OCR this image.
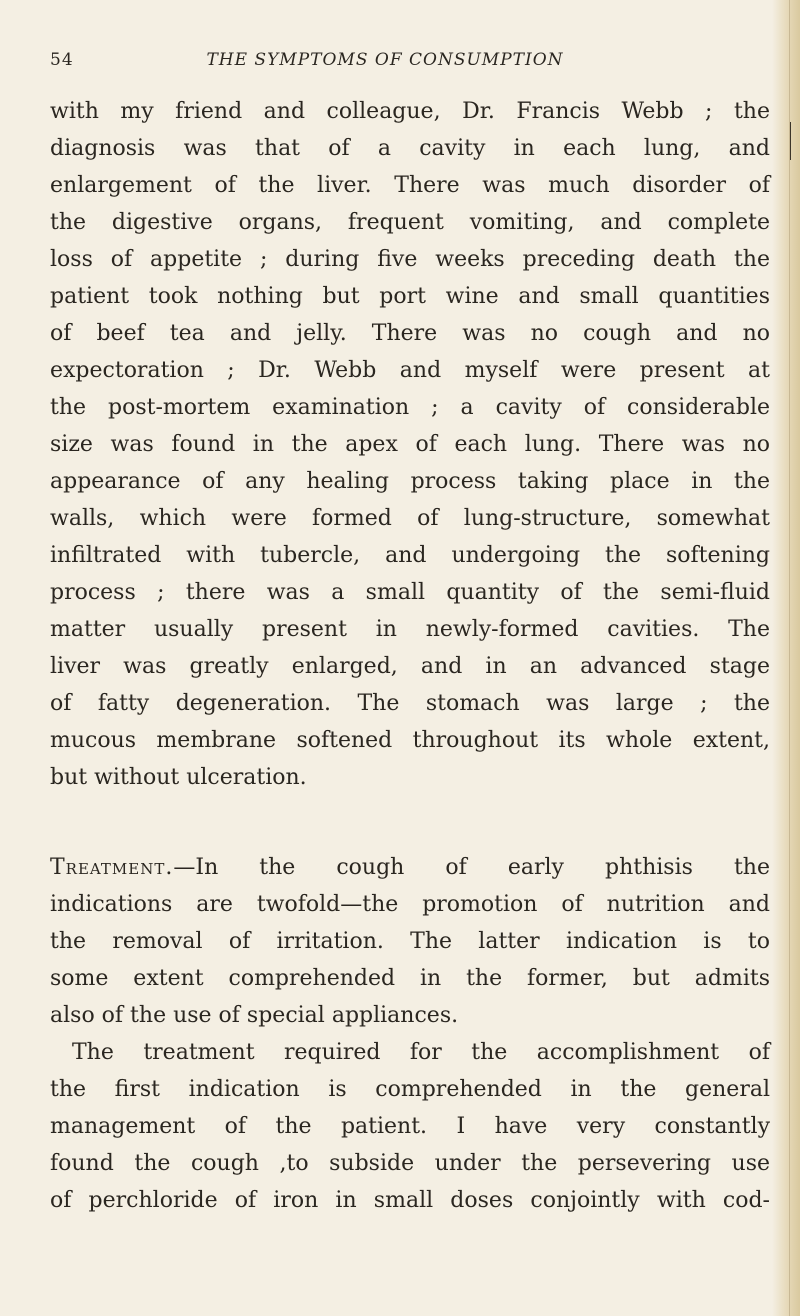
54	THE SYMPTOMS OF CONSUMPTION
with my friend and colleague, Dr. Francis Webb ; the
diagnosis was that of a cavity in each lung, and
enlargement of the liver. There was much disorder of
the digestive organs, frequent vomiting, and complete
loss of appetite ; during five weeks preceding death the
patient took nothing but port wine and small quantities
of beef tea and jelly. There was no cough and no
expectoration ; Dr. Webb and myself were present at
the post-mortem examination ; a cavity of considerable
size was found in the apex of each lung. There was no
appearance of any healing process taking place in the
walls, which were formed of lung-structure, somewhat
infiltrated with tubercle, and undergoing the softening
process ; there was a small quantity of the semi-fluid
matter usually present in newly-formed cavities. The
liver was greatly enlarged, and in an advanced stage
of fatty degeneration. The stomach was large ; the
mucous membrane softened throughout its whole extent,
but without ulceration.
Treatment.—In the cough of early phthisis the
indications are twofold—the promotion of nutrition and
the removal of irritation. The latter indication is to
some extent comprehended in the former, but admits
also of the use of special appliances.
The treatment required for the accomplishment of
the first indication is comprehended in the general
management of the patient. I have very constantly
found the cough ,to subside under the persevering use
of perchloride of iron in small doses conjointly with cod-
